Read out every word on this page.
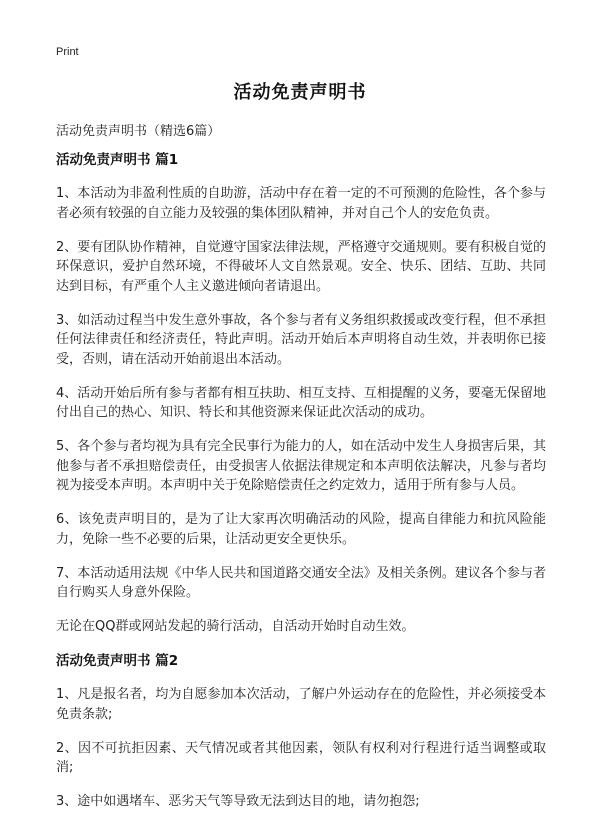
Print
活动免责声明书
活动免责声明书（精选6篇）
活动免责声明书 篇1

1、本活动为非盈利性质的自助游，活动中存在着一定的不可预测的危险性，各个参与者必须有较强的自立能力及较强的集体团队精神，并对自己个人的安危负责。

2、要有团队协作精神，自觉遵守国家法律法规，严格遵守交通规则。要有积极自觉的环保意识，爱护自然环境，不得破坏人文自然景观。安全、快乐、团结、互助、共同达到目标，有严重个人主义邀进倾向者请退出。

3、如活动过程当中发生意外事故，各个参与者有义务组织救援或改变行程，但不承担任何法律责任和经济责任，特此声明。活动开始后本声明将自动生效，并表明你已接受，否则，请在活动开始前退出本活动。

4、活动开始后所有参与者都有相互扶助、相互支持、互相提醒的义务，要毫无保留地付出自己的热心、知识、特长和其他资源来保证此次活动的成功。

5、各个参与者均视为具有完全民事行为能力的人，如在活动中发生人身损害后果，其他参与者不承担赔偿责任，由受损害人依据法律规定和本声明依法解决，凡参与者均视为接受本声明。本声明中关于免除赔偿责任之约定效力，适用于所有参与人员。

6、该免责声明目的，是为了让大家再次明确活动的风险，提高自律能力和抗风险能力，免除一些不必要的后果，让活动更安全更快乐。

7、本活动适用法规《中华人民共和国道路交通安全法》及相关条例。建议各个参与者自行购买人身意外保险。

无论在QQ群或网站发起的骑行活动，自活动开始时自动生效。

活动免责声明书 篇2

1、凡是报名者，均为自愿参加本次活动，了解户外运动存在的危险性，并必须接受本免责条款;

2、因不可抗拒因素、天气情况或者其他因素，领队有权利对行程进行适当调整或取消;

3、途中如遇堵车、恶劣天气等导致无法到达目的地，请勿抱怨;
